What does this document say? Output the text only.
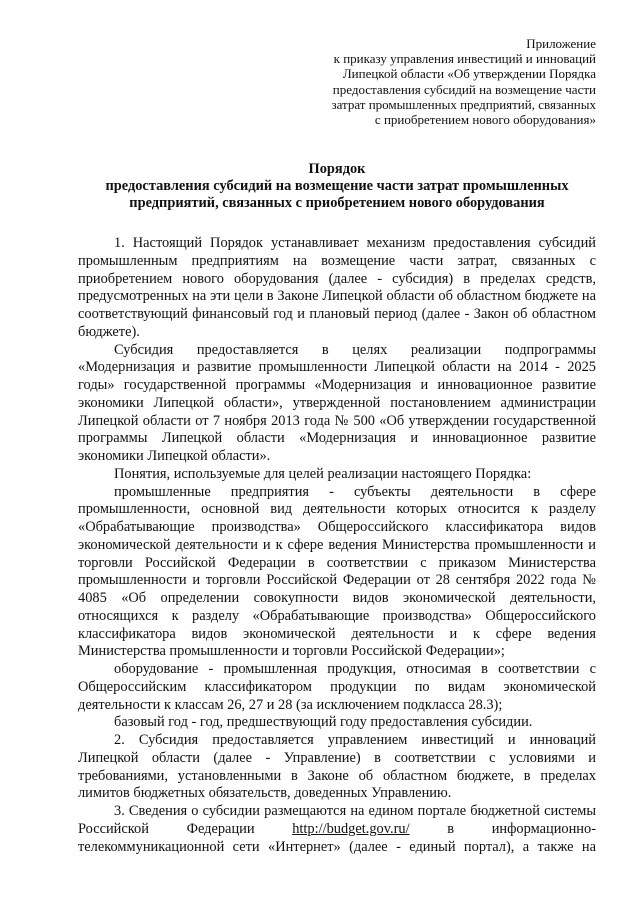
Приложение
к приказу управления инвестиций и инноваций
Липецкой области «Об утверждении Порядка
предоставления субсидий на возмещение части
затрат промышленных предприятий, связанных
с приобретением нового оборудования»
Порядок
предоставления субсидий на возмещение части затрат промышленных
предприятий, связанных с приобретением нового оборудования

1. Настоящий Порядок устанавливает механизм предоставления субсидий промышленным предприятиям на возмещение части затрат, связанных с приобретением нового оборудования (далее - субсидия) в пределах средств, предусмотренных на эти цели в Законе Липецкой области об областном бюджете на соответствующий финансовый год и плановый период (далее - Закон об областном бюджете).

Субсидия предоставляется в целях реализации подпрограммы «Модернизация и развитие промышленности Липецкой области на 2014 - 2025 годы» государственной программы «Модернизация и инновационное развитие экономики Липецкой области», утвержденной постановлением администрации Липецкой области от 7 ноября 2013 года № 500 «Об утверждении государственной программы Липецкой области «Модернизация и инновационное развитие экономики Липецкой области».

Понятия, используемые для целей реализации настоящего Порядка:

промышленные предприятия - субъекты деятельности в сфере промышленности, основной вид деятельности которых относится к разделу «Обрабатывающие производства» Общероссийского классификатора видов экономической деятельности и к сфере ведения Министерства промышленности и торговли Российской Федерации в соответствии с приказом Министерства промышленности и торговли Российской Федерации от 28 сентября 2022 года № 4085 «Об определении совокупности видов экономической деятельности, относящихся к разделу «Обрабатывающие производства» Общероссийского классификатора видов экономической деятельности и к сфере ведения Министерства промышленности и торговли Российской Федерации»;

оборудование - промышленная продукция, относимая в соответствии с Общероссийским классификатором продукции по видам экономической деятельности к классам 26, 27 и 28 (за исключением подкласса 28.3);

базовый год - год, предшествующий году предоставления субсидии.

2. Субсидия предоставляется управлением инвестиций и инноваций Липецкой области (далее - Управление) в соответствии с условиями и требованиями, установленными в Законе об областном бюджете, в пределах лимитов бюджетных обязательств, доведенных Управлению.

3. Сведения о субсидии размещаются на едином портале бюджетной системы Российской Федерации http://budget.gov.ru/ в информационно-телекоммуникационной сети «Интернет» (далее - единый портал), а также на
